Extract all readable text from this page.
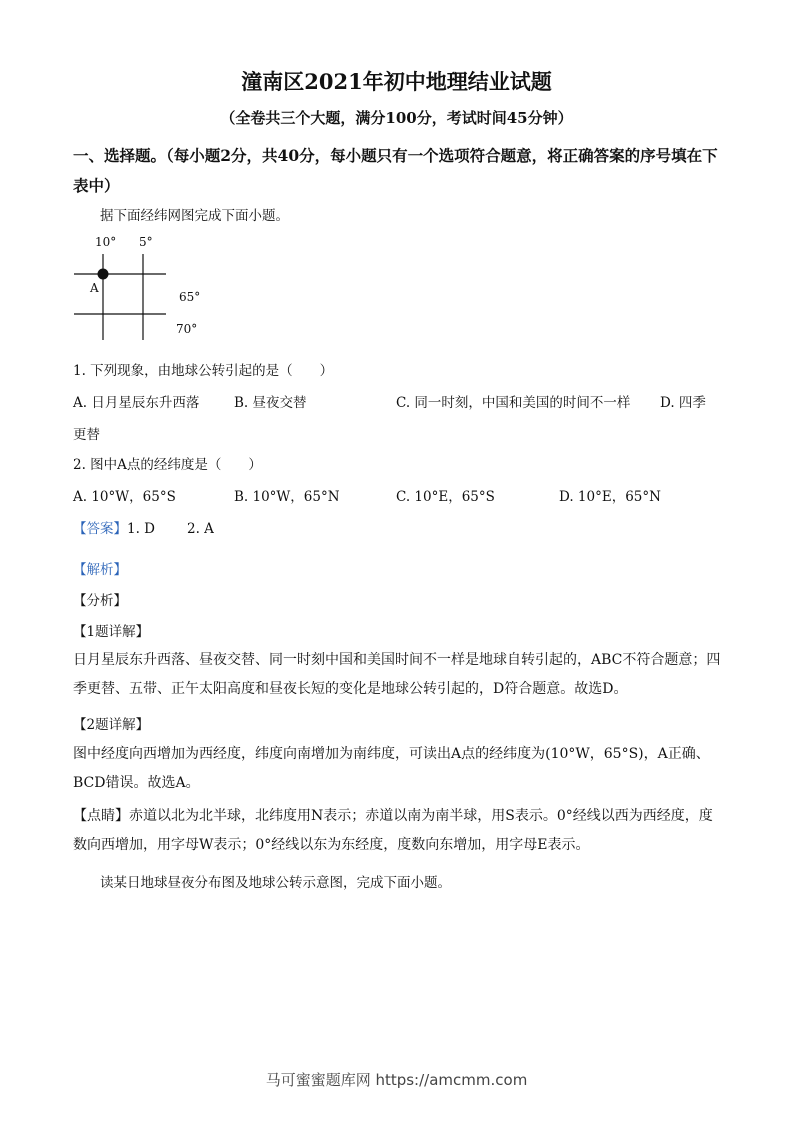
潼南区2021年初中地理结业试题
（全卷共三个大题，满分100分，考试时间45分钟）
一、选择题。（每小题2分，共40分，每小题只有一个选项符合题意，将正确答案的序号填在下表中）
据下面经纬网图完成下面小题。
10° 5°
A
65°
70°
1. 下列现象，由地球公转引起的是（　　）
A. 日月星辰东升西落	B. 昼夜交替	C. 同一时刻，中国和美国的时间不一样 D. 四季
更替
2. 图中A点的经纬度是（　　）
A. 10°W，65°S	B. 10°W，65°N	C. 10°E，65°S	D. 10°E，65°N
【答案】1. D 2. A
【解析】
【分析】
【1题详解】
日月星辰东升西落、昼夜交替、同一时刻中国和美国时间不一样是地球自转引起的，ABC不符合题意；四季更替、五带、正午太阳高度和昼夜长短的变化是地球公转引起的，D符合题意。故选D。
【2题详解】
图中经度向西增加为西经度，纬度向南增加为南纬度，可读出A点的经纬度为(10°W，65°S)，A正确、BCD错误。故选A。
【点睛】赤道以北为北半球，北纬度用N表示；赤道以南为南半球，用S表示。0°经线以西为西经度，度数向西增加，用字母W表示；0°经线以东为东经度，度数向东增加，用字母E表示。
读某日地球昼夜分布图及地球公转示意图，完成下面小题。
马可蜜蜜题库网 https://amcmm.com
